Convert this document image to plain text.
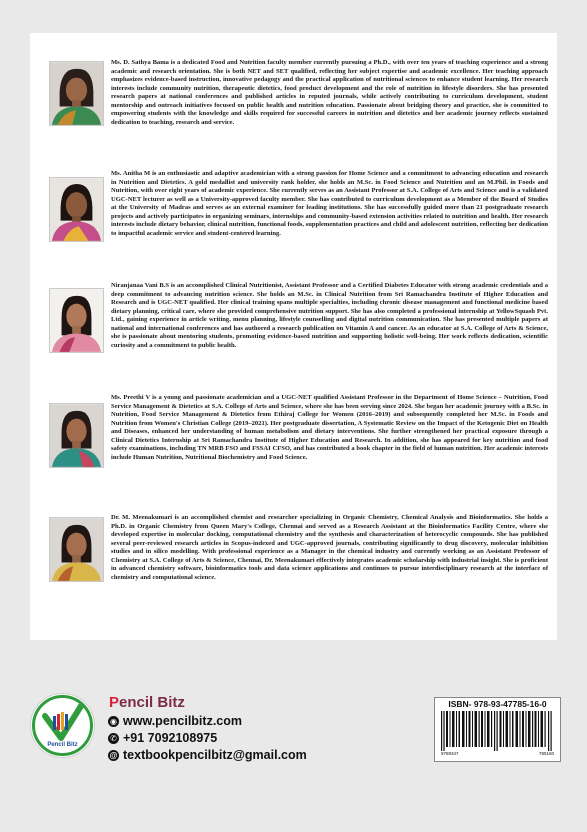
Ms. D. Sathya Bama is a dedicated Food and Nutrition faculty member currently pursuing a Ph.D., with over ten years of teaching experience and a strong academic and research orientation. She is both NET and SET qualified, reflecting her subject expertise and academic excellence. Her teaching approach emphasizes evidence-based instruction, innovative pedagogy and the practical application of nutritional sciences to enhance student learning. Her research interests include community nutrition, therapeutic dietetics, food product development and the role of nutrition in lifestyle disorders. She has presented research papers at national conferences and published articles in reputed journals, while actively contributing to curriculum development, student mentorship and outreach initiatives focused on public health and nutrition education. Passionate about bridging theory and practice, she is committed to empowering students with the knowledge and skills required for successful careers in nutrition and dietetics and her academic journey reflects sustained dedication to teaching, research and service.

Ms. Anitha M is an enthusiastic and adaptive academician with a strong passion for Home Science and a commitment to advancing education and research in Nutrition and Dietetics. A gold medallist and university rank holder, she holds an M.Sc. in Food Science and Nutrition and an M.Phil. in Foods and Nutrition, with over eight years of academic experience. She currently serves as an Assistant Professor at S.A. College of Arts and Science and is a validated UGC-NET lecturer as well as a University-approved faculty member. She has contributed to curriculum development as a Member of the Board of Studies at the University of Madras and serves as an external examiner for leading institutions. She has successfully guided more than 21 postgraduate research projects and actively participates in organizing seminars, internships and community-based extension activities related to nutrition and health. Her research interests include dietary behavior, clinical nutrition, functional foods, supplementation practices and child and adolescent nutrition, reflecting her dedication to impactful academic service and student-centered learning.

Niranjanaa Vani B.S is an accomplished Clinical Nutritionist, Assistant Professor and a Certified Diabetes Educator with strong academic credentials and a deep commitment to advancing nutrition science. She holds an M.Sc. in Clinical Nutrition from Sri Ramachandra Institute of Higher Education and Research and is UGC-NET qualified. Her clinical training spans multiple specialties, including chronic disease management and functional medicine based dietary planning, critical care, where she provided comprehensive nutrition support. She has also completed a professional internship at YellowSquash Pvt. Ltd., gaining experience in article writing, menu planning, lifestyle counselling and digital nutrition communication. She has presented multiple papers at national and international conferences and has authored a research publication on Vitamin A and cancer. As an educator at S.A. College of Arts & Science, she is passionate about mentoring students, promoting evidence-based nutrition and supporting holistic well-being. Her work reflects dedication, scientific curiosity and a commitment to public health.

Ms. Preethi V is a young and passionate academician and a UGC-NET qualified Assistant Professor in the Department of Home Science – Nutrition, Food Service Management & Dietetics at S.A. College of Arts and Science, where she has been serving since 2024. She began her academic journey with a B.Sc. in Nutrition, Food Service Management & Dietetics from Ethiraj College for Women (2016–2019) and subsequently completed her M.Sc. in Foods and Nutrition from Women's Christian College (2019–2021). Her postgraduate dissertation, A Systematic Review on the Impact of the Ketogenic Diet on Health and Diseases, enhanced her understanding of human metabolism and dietary interventions. She further strengthened her practical exposure through a Clinical Dietetics Internship at Sri Ramachandra Institute of Higher Education and Research. In addition, she has appeared for key nutrition and food safety examinations, including TN MRB FSO and FSSAI CFSO, and has contributed a book chapter in the field of human nutrition. Her academic interests include Human Nutrition, Nutritional Biochemistry and Food Science.

Dr. M. Meenakumari is an accomplished chemist and researcher specializing in Organic Chemistry, Chemical Analysis and Bioinformatics. She holds a Ph.D. in Organic Chemistry from Queen Mary's College, Chennai and served as a Research Assistant at the Bioinformatics Facility Centre, where she developed expertise in molecular docking, computational chemistry and the synthesis and characterization of heterocyclic compounds. She has published several peer-reviewed research articles in Scopus-indexed and UGC-approved journals, contributing significantly to drug discovery, molecular inhibition studies and in silico modelling. With professional experience as a Manager in the chemical industry and currently working as an Assistant Professor of Chemistry at S.A. College of Arts & Science, Chennai, Dr. Meenakumari effectively integrates academic scholarship with industrial insight. She is proficient in advanced chemistry software, bioinformatics tools and data science applications and continues to pursue interdisciplinary research at the interface of chemistry and computational science.

Pencil Bitz

Pencil Bitz

◉ www.pencilbitz.com
✆ +91 7092108975
@ textbookpencilbitz@gmail.com
ISBN- 978-93-47785-16-0
9789347	785160
